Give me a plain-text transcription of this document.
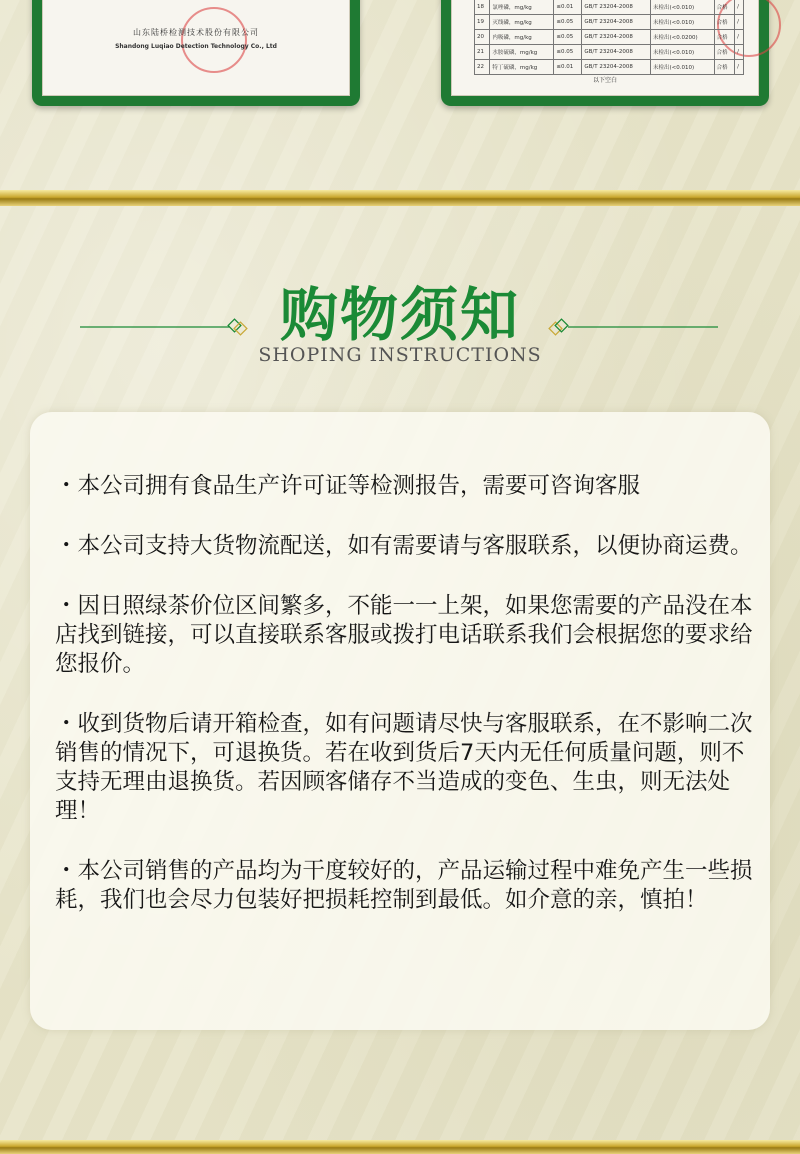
山东陆桥检测技术股份有限公司
Shandong Luqiao Detection Technology Co., Ltd
18	氯唑磷，mg/kg	≤0.01	GB/T 23204-2008	未检出(<0.010)	合格	/
19	灭线磷，mg/kg	≤0.05	GB/T 23204-2008	未检出(<0.010)	合格	/
20	内吸磷，mg/kg	≤0.05	GB/T 23204-2008	未检出(<0.0200)	合格	/
21	水胺硫磷，mg/kg	≤0.05	GB/T 23204-2008	未检出(<0.010)	合格	/
22	特丁硫磷，mg/kg	≤0.01	GB/T 23204-2008	未检出(<0.010)	合格	/
以下空白
购物须知
SHOPING INSTRUCTIONS
・本公司拥有食品生产许可证等检测报告，需要可咨询客服
・本公司支持大货物流配送，如有需要请与客服联系，以便协商运费。
・因日照绿茶价位区间繁多，不能一一上架，如果您需要的产品没在本店找到链接，可以直接联系客服或拨打电话联系我们会根据您的要求给您报价。
・收到货物后请开箱检查，如有问题请尽快与客服联系，在不影响二次销售的情况下，可退换货。若在收到货后7天内无任何质量问题，则不支持无理由退换货。若因顾客储存不当造成的变色、生虫，则无法处理！
・本公司销售的产品均为干度较好的，产品运输过程中难免产生一些损耗，我们也会尽力包装好把损耗控制到最低。如介意的亲，慎拍！
